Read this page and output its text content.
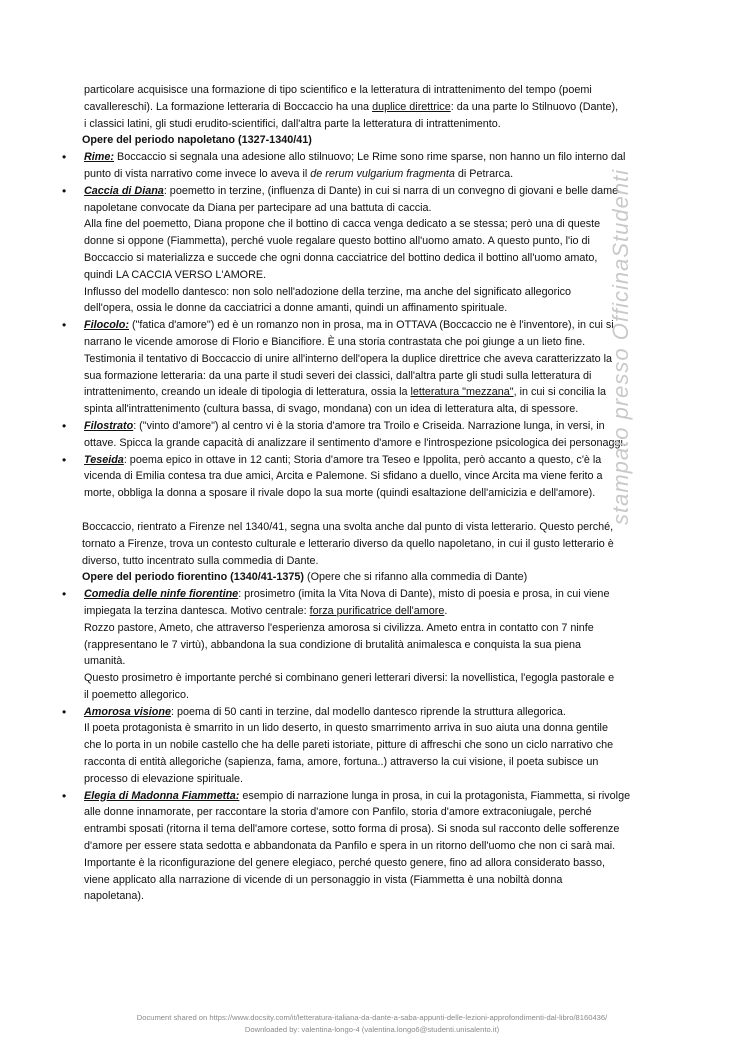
particolare acquisisce una formazione di tipo scientifico e la letteratura di intrattenimento del tempo (poemi

cavallereschi). La formazione letteraria di Boccaccio ha una duplice direttrice: da una parte lo Stilnuovo (Dante),

i classici latini, gli studi erudito-scientifici, dall'altra parte la letteratura di intrattenimento.

Opere del periodo napoletano (1327-1340/41)

• Rime: Boccaccio si segnala una adesione allo stilnuovo; Le Rime sono rime sparse, non hanno un filo interno dal

punto di vista narrativo come invece lo aveva il de rerum vulgarium fragmenta di Petrarca.

• Caccia di Diana: poemetto in terzine, (influenza di Dante) in cui si narra di un convegno di giovani e belle dame

napoletane convocate da Diana per partecipare ad una battuta di caccia.

Alla fine del poemetto, Diana propone che il bottino di cacca venga dedicato a se stessa; però una di queste

donne si oppone (Fiammetta), perché vuole regalare questo bottino all'uomo amato. A questo punto, l'io di

Boccaccio si materializza e succede che ogni donna cacciatrice del bottino dedica il bottino all'uomo amato,

quindi LA CACCIA VERSO L'AMORE.

Influsso del modello dantesco: non solo nell'adozione della terzine, ma anche del significato allegorico

dell'opera, ossia le donne da cacciatrici a donne amanti, quindi un affinamento spirituale.

• Filocolo: ("fatica d'amore") ed è un romanzo non in prosa, ma in OTTAVA (Boccaccio ne è l'inventore), in cui si

narrano le vicende amorose di Florio e Biancifiore. È una storia contrastata che poi giunge a un lieto fine.

Testimonia il tentativo di Boccaccio di unire all'interno dell'opera la duplice direttrice che aveva caratterizzato la

sua formazione letteraria: da una parte il studi severi dei classici, dall'altra parte gli studi sulla letteratura di

intrattenimento, creando un ideale di tipologia di letteratura, ossia la letteratura "mezzana", in cui si concilia la

spinta all'intrattenimento (cultura bassa, di svago, mondana) con un idea di letteratura alta, di spessore.

• Filostrato: ("vinto d'amore") al centro vi è la storia d'amore tra Troilo e Criseida. Narrazione lunga, in versi, in

ottave. Spicca la grande capacità di analizzare il sentimento d'amore e l'introspezione psicologica dei personaggi.

• Teseida: poema epico in ottave in 12 canti; Storia d'amore tra Teseo e Ippolita, però accanto a questo, c'è la

vicenda di Emilia contesa tra due amici, Arcita e Palemone. Si sfidano a duello, vince Arcita ma viene ferito a

morte, obbliga la donna a sposare il rivale dopo la sua morte (quindi esaltazione dell'amicizia e dell'amore).

Boccaccio, rientrato a Firenze nel 1340/41, segna una svolta anche dal punto di vista letterario. Questo perché,

tornato a Firenze, trova un contesto culturale e letterario diverso da quello napoletano, in cui il gusto letterario è

diverso, tutto incentrato sulla commedia di Dante.

Opere del periodo fiorentino (1340/41-1375) (Opere che si rifanno alla commedia di Dante)

• Comedia delle ninfe fiorentine: prosimetro (imita la Vita Nova di Dante), misto di poesia e prosa, in cui viene

impiegata la terzina dantesca. Motivo centrale: forza purificatrice dell'amore.

Rozzo pastore, Ameto, che attraverso l'esperienza amorosa si civilizza. Ameto entra in contatto con 7 ninfe

(rappresentano le 7 virtù), abbandona la sua condizione di brutalità animalesca e conquista la sua piena

umanità.

Questo prosimetro è importante perché si combinano generi letterari diversi: la novellistica, l'egogla pastorale e

il poemetto allegorico.

• Amorosa visione: poema di 50 canti in terzine, dal modello dantesco riprende la struttura allegorica.

Il poeta protagonista è smarrito in un lido deserto, in questo smarrimento arriva in suo aiuta una donna gentile

che lo porta in un nobile castello che ha delle pareti istoriate, pitture di affreschi che sono un ciclo narrativo che

racconta di entità allegoriche (sapienza, fama, amore, fortuna..) attraverso la cui visione, il poeta subisce un

processo di elevazione spirituale.

• Elegia di Madonna Fiammetta: esempio di narrazione lunga in prosa, in cui la protagonista, Fiammetta, si rivolge

alle donne innamorate, per raccontare la storia d'amore con Panfilo, storia d'amore extraconiugale, perché

entrambi sposati (ritorna il tema dell'amore cortese, sotto forma di prosa). Si snoda sul racconto delle sofferenze

d'amore per essere stata sedotta e abbandonata da Panfilo e spera in un ritorno dell'uomo che non ci sarà mai.

Importante è la riconfigurazione del genere elegiaco, perché questo genere, fino ad allora considerato basso,

viene applicato alla narrazione di vicende di un personaggio in vista (Fiammetta è una nobiltà donna

napoletana).

stampato presso OfficinaStudenti
Document shared on https://www.docsity.com/it/letteratura-italiana-da-dante-a-saba-appunti-delle-lezioni-approfondimenti-dal-libro/8160436/
Downloaded by: valentina-longo-4 (valentina.longo6@studenti.unisalento.it)
